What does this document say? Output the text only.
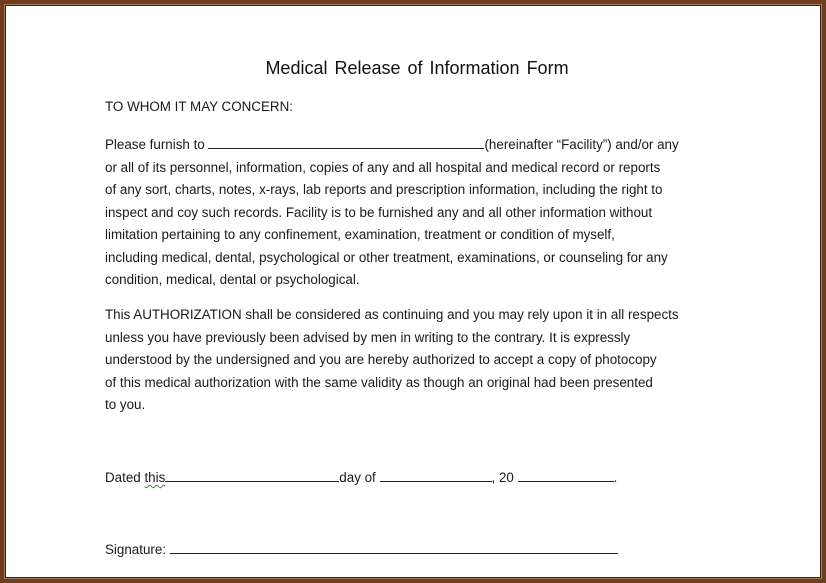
Medical Release of Information Form
TO WHOM IT MAY CONCERN:
Please furnish to	(hereinafter “Facility”) and/or any
or all of its personnel, information, copies of any and all hospital and medical record or reports
of any sort, charts, notes, x-rays, lab reports and prescription information, including the right to
inspect and coy such records. Facility is to be furnished any and all other information without
limitation pertaining to any confinement, examination, treatment or condition of myself,
including medical, dental, psychological or other treatment, examinations, or counseling for any
condition, medical, dental or psychological.
This AUTHORIZATION shall be considered as continuing and you may rely upon it in all respects
unless you have previously been advised by men in writing to the contrary. It is expressly
understood by the undersigned and you are hereby authorized to accept a copy of photocopy
of this medical authorization with the same validity as though an original had been presented
to you.
Dated this	day of	, 20	.
Signature:
